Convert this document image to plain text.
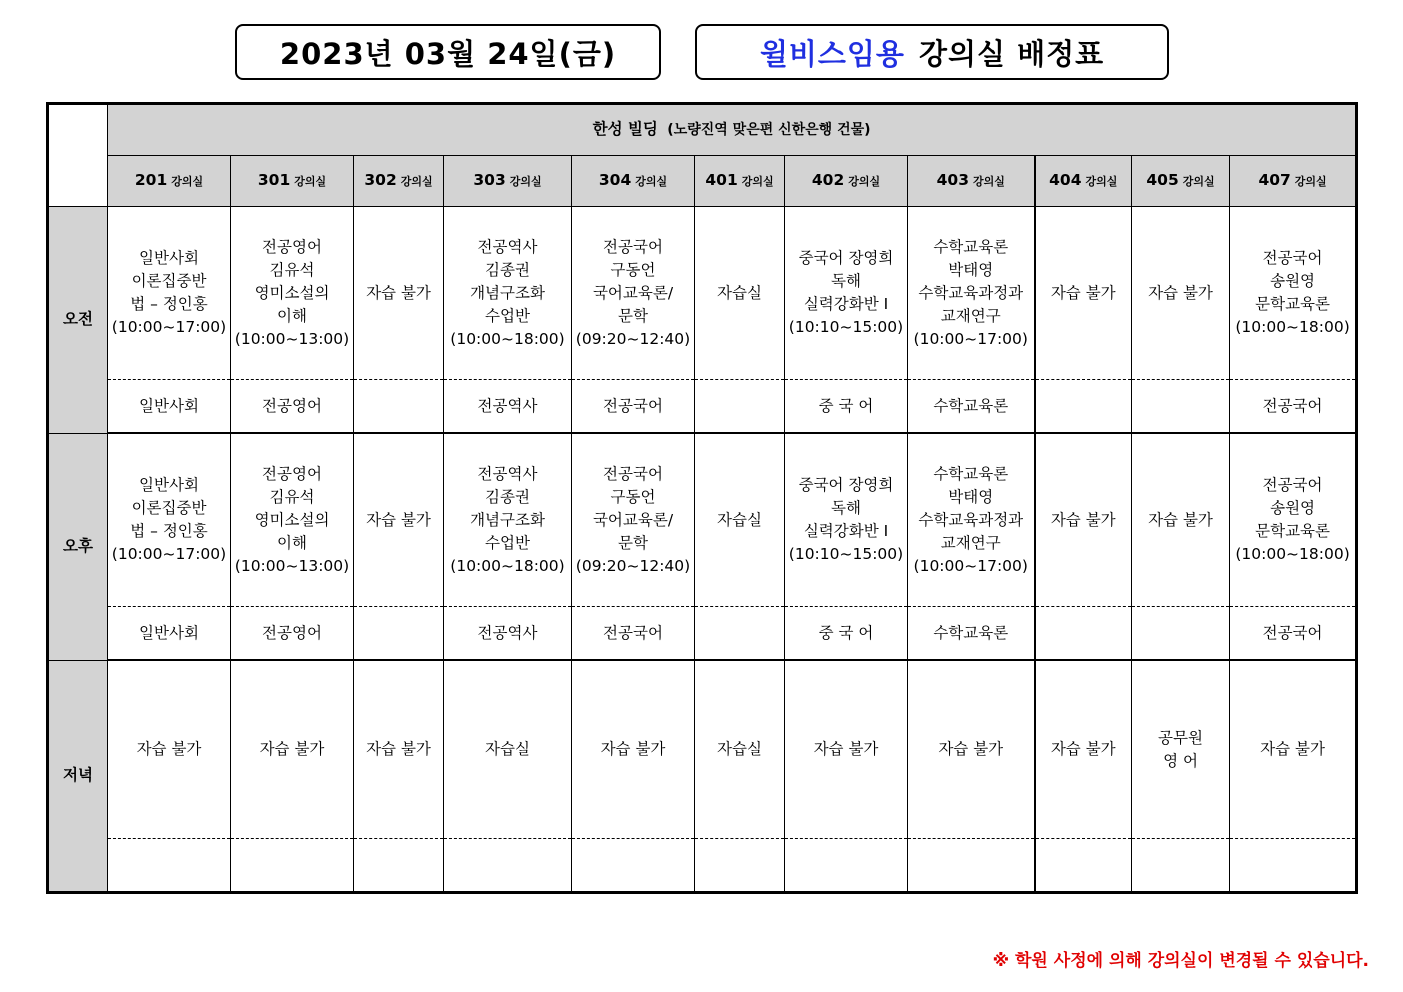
2023년 03월 24일(금)	윌비스임용 강의실 배정표
	한성 빌딩 (노량진역 맞은편 신한은행 건물)										
	201 강의실	301 강의실	302 강의실	303 강의실	304 강의실	401 강의실	402 강의실	403 강의실	404 강의실	405 강의실	407 강의실
오전	일반사회
이론집중반
법 – 정인홍
(10:00~17:00)	전공영어
김유석
영미소설의
이해
(10:00~13:00)	자습 불가	전공역사
김종권
개념구조화
수업반
(10:00~18:00)	전공국어
구동언
국어교육론/
문학
(09:20~12:40)	자습실	중국어 장영희
독해
실력강화반 I
(10:10~15:00)	수학교육론
박태영
수학교육과정과
교재연구
(10:00~17:00)	자습 불가	자습 불가	전공국어
송원영
문학교육론
(10:00~18:00)
	일반사회	전공영어		전공역사	전공국어		중 국 어	수학교육론			전공국어
오후	일반사회
이론집중반
법 – 정인홍
(10:00~17:00)	전공영어
김유석
영미소설의
이해
(10:00~13:00)	자습 불가	전공역사
김종권
개념구조화
수업반
(10:00~18:00)	전공국어
구동언
국어교육론/
문학
(09:20~12:40)	자습실	중국어 장영희
독해
실력강화반 I
(10:10~15:00)	수학교육론
박태영
수학교육과정과
교재연구
(10:00~17:00)	자습 불가	자습 불가	전공국어
송원영
문학교육론
(10:00~18:00)
	일반사회	전공영어		전공역사	전공국어		중 국 어	수학교육론			전공국어
저녁	자습 불가	자습 불가	자습 불가	자습실	자습 불가	자습실	자습 불가	자습 불가	자습 불가	공무원
영 어	자습 불가

※ 학원 사정에 의해 강의실이 변경될 수 있습니다.
